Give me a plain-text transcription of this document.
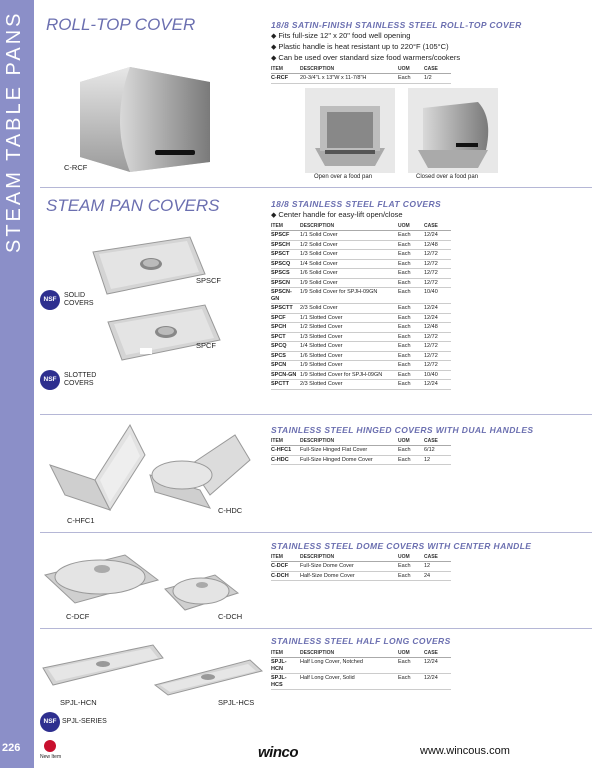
STEAM TABLE PANS
226
ROLL-TOP COVER	18/8 SATIN-FINISH STAINLESS STEEL ROLL-TOP COVER
◆ Fits full-size 12" x 20" food well opening
◆ Plastic handle is heat resistant up to 220°F (105°C)
◆ Can be used over standard size food warmers/cookers
ITEM	DESCRIPTION	UOM	CASE
C-RCF	20-3/4"L x 13"W x 11-7/8"H	Each	1/2
C-RCF
Open over a food pan	Closed over a food pan
STEAM PAN COVERS	18/8 STAINLESS STEEL FLAT COVERS
◆ Center handle for easy-lift open/close
ITEM	DESCRIPTION	UOM	CASE
SPSCF	1/1 Solid Cover	Each	12/24
SPSCH	1/2 Solid Cover	Each	12/48
SPSCT	1/3 Solid Cover	Each	12/72
SPSCQ	1/4 Solid Cover	Each	12/72
SPSCS	1/6 Solid Cover	Each	12/72
SPSCN	1/9 Solid Cover	Each	12/72
SPSCN-GN	1/9 Solid Cover for SPJH-09GN	Each	10/40
SPSCTT	2/3 Solid Cover	Each	12/24
SPCF	1/1 Slotted Cover	Each	12/24
SPCH	1/2 Slotted Cover	Each	12/48
SPCT	1/3 Slotted Cover	Each	12/72
SPCQ	1/4 Slotted Cover	Each	12/72
SPCS	1/6 Slotted Cover	Each	12/72
SPCN	1/9 Slotted Cover	Each	12/72
SPCN-GN	1/9 Slotted Cover for SPJH-09GN	Each	10/40
SPCTT	2/3 Slotted Cover	Each	12/24
SPSCF
NSF
SOLID
COVERS
SPCF
NSF
SLOTTED
COVERS
STAINLESS STEEL HINGED COVERS WITH DUAL HANDLES
ITEM	DESCRIPTION	UOM	CASE
C-HFC1	Full-Size Hinged Flat Cover	Each	6/12
C-HDC	Full-Size Hinged Dome Cover	Each	12
C-HFC1
C-HDC
STAINLESS STEEL DOME COVERS WITH CENTER HANDLE
ITEM	DESCRIPTION	UOM	CASE
C-DCF	Full-Size Dome Cover	Each	12
C-DCH	Half-Size Dome Cover	Each	24
C-DCF	C-DCH
STAINLESS STEEL HALF LONG COVERS
ITEM	DESCRIPTION	UOM	CASE
SPJL-HCN	Half Long Cover, Notched	Each	12/24
SPJL-HCS	Half Long Cover, Solid	Each	12/24
SPJL-HCN	SPJL-HCS
NSF SPJL-SERIES
New Item	winco	www.wincous.com
